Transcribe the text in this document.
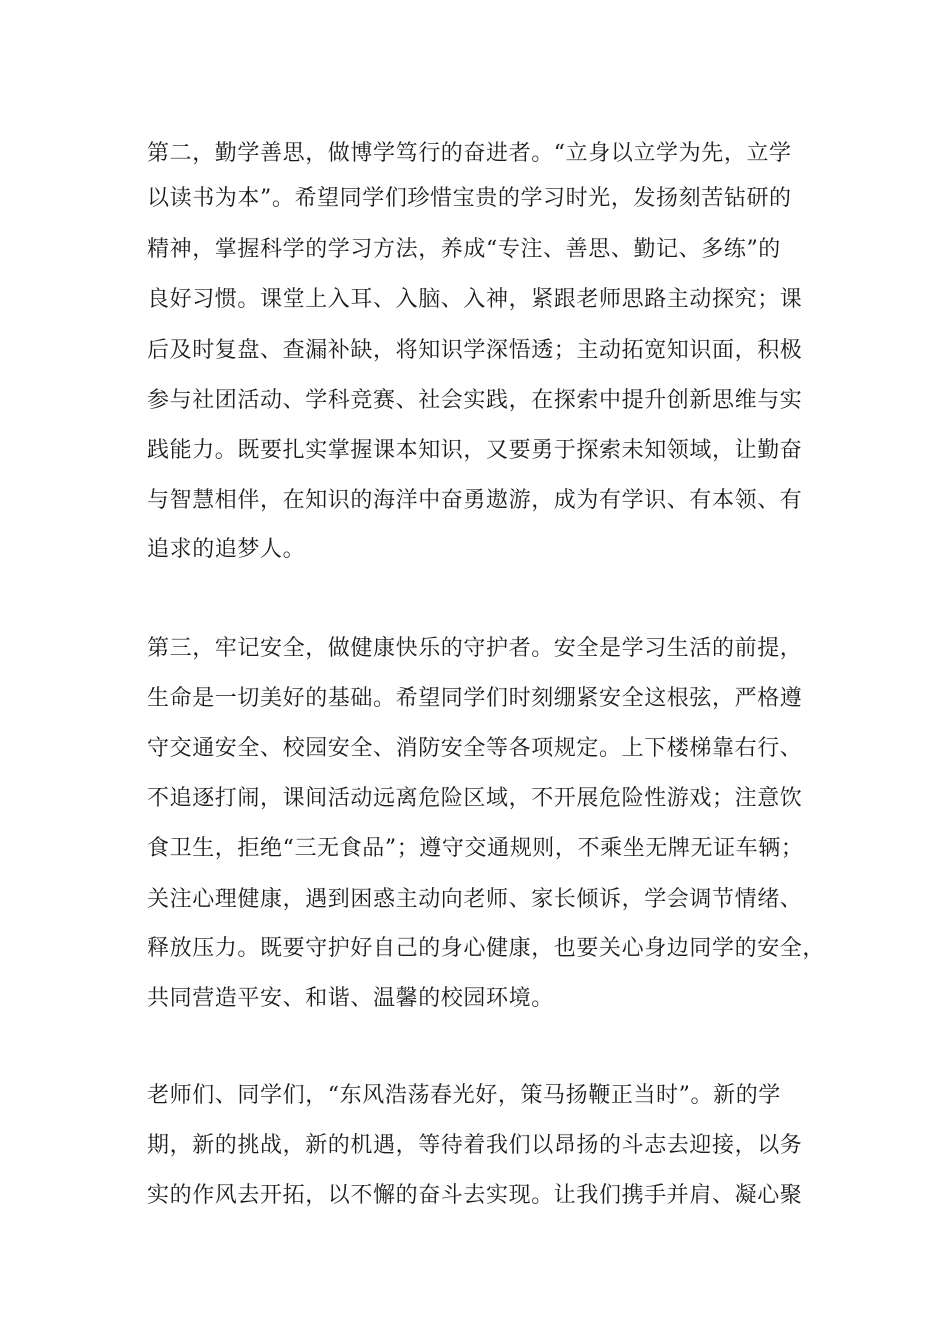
第二，勤学善思，做博学笃行的奋进者。“立身以立学为先，立学
以读书为本”。希望同学们珍惜宝贵的学习时光，发扬刻苦钻研的
精神，掌握科学的学习方法，养成“专注、善思、勤记、多练”的
良好习惯。课堂上入耳、入脑、入神，紧跟老师思路主动探究；课
后及时复盘、查漏补缺，将知识学深悟透；主动拓宽知识面，积极
参与社团活动、学科竞赛、社会实践，在探索中提升创新思维与实
践能力。既要扎实掌握课本知识，又要勇于探索未知领域，让勤奋
与智慧相伴，在知识的海洋中奋勇遨游，成为有学识、有本领、有
追求的追梦人。
第三，牢记安全，做健康快乐的守护者。安全是学习生活的前提，
生命是一切美好的基础。希望同学们时刻绷紧安全这根弦，严格遵
守交通安全、校园安全、消防安全等各项规定。上下楼梯靠右行、
不追逐打闹，课间活动远离危险区域，不开展危险性游戏；注意饮
食卫生，拒绝“三无食品”；遵守交通规则，不乘坐无牌无证车辆；
关注心理健康，遇到困惑主动向老师、家长倾诉，学会调节情绪、
释放压力。既要守护好自己的身心健康，也要关心身边同学的安全，
共同营造平安、和谐、温馨的校园环境。
老师们、同学们，“东风浩荡春光好，策马扬鞭正当时”。新的学
期，新的挑战，新的机遇，等待着我们以昂扬的斗志去迎接，以务
实的作风去开拓，以不懈的奋斗去实现。让我们携手并肩、凝心聚
